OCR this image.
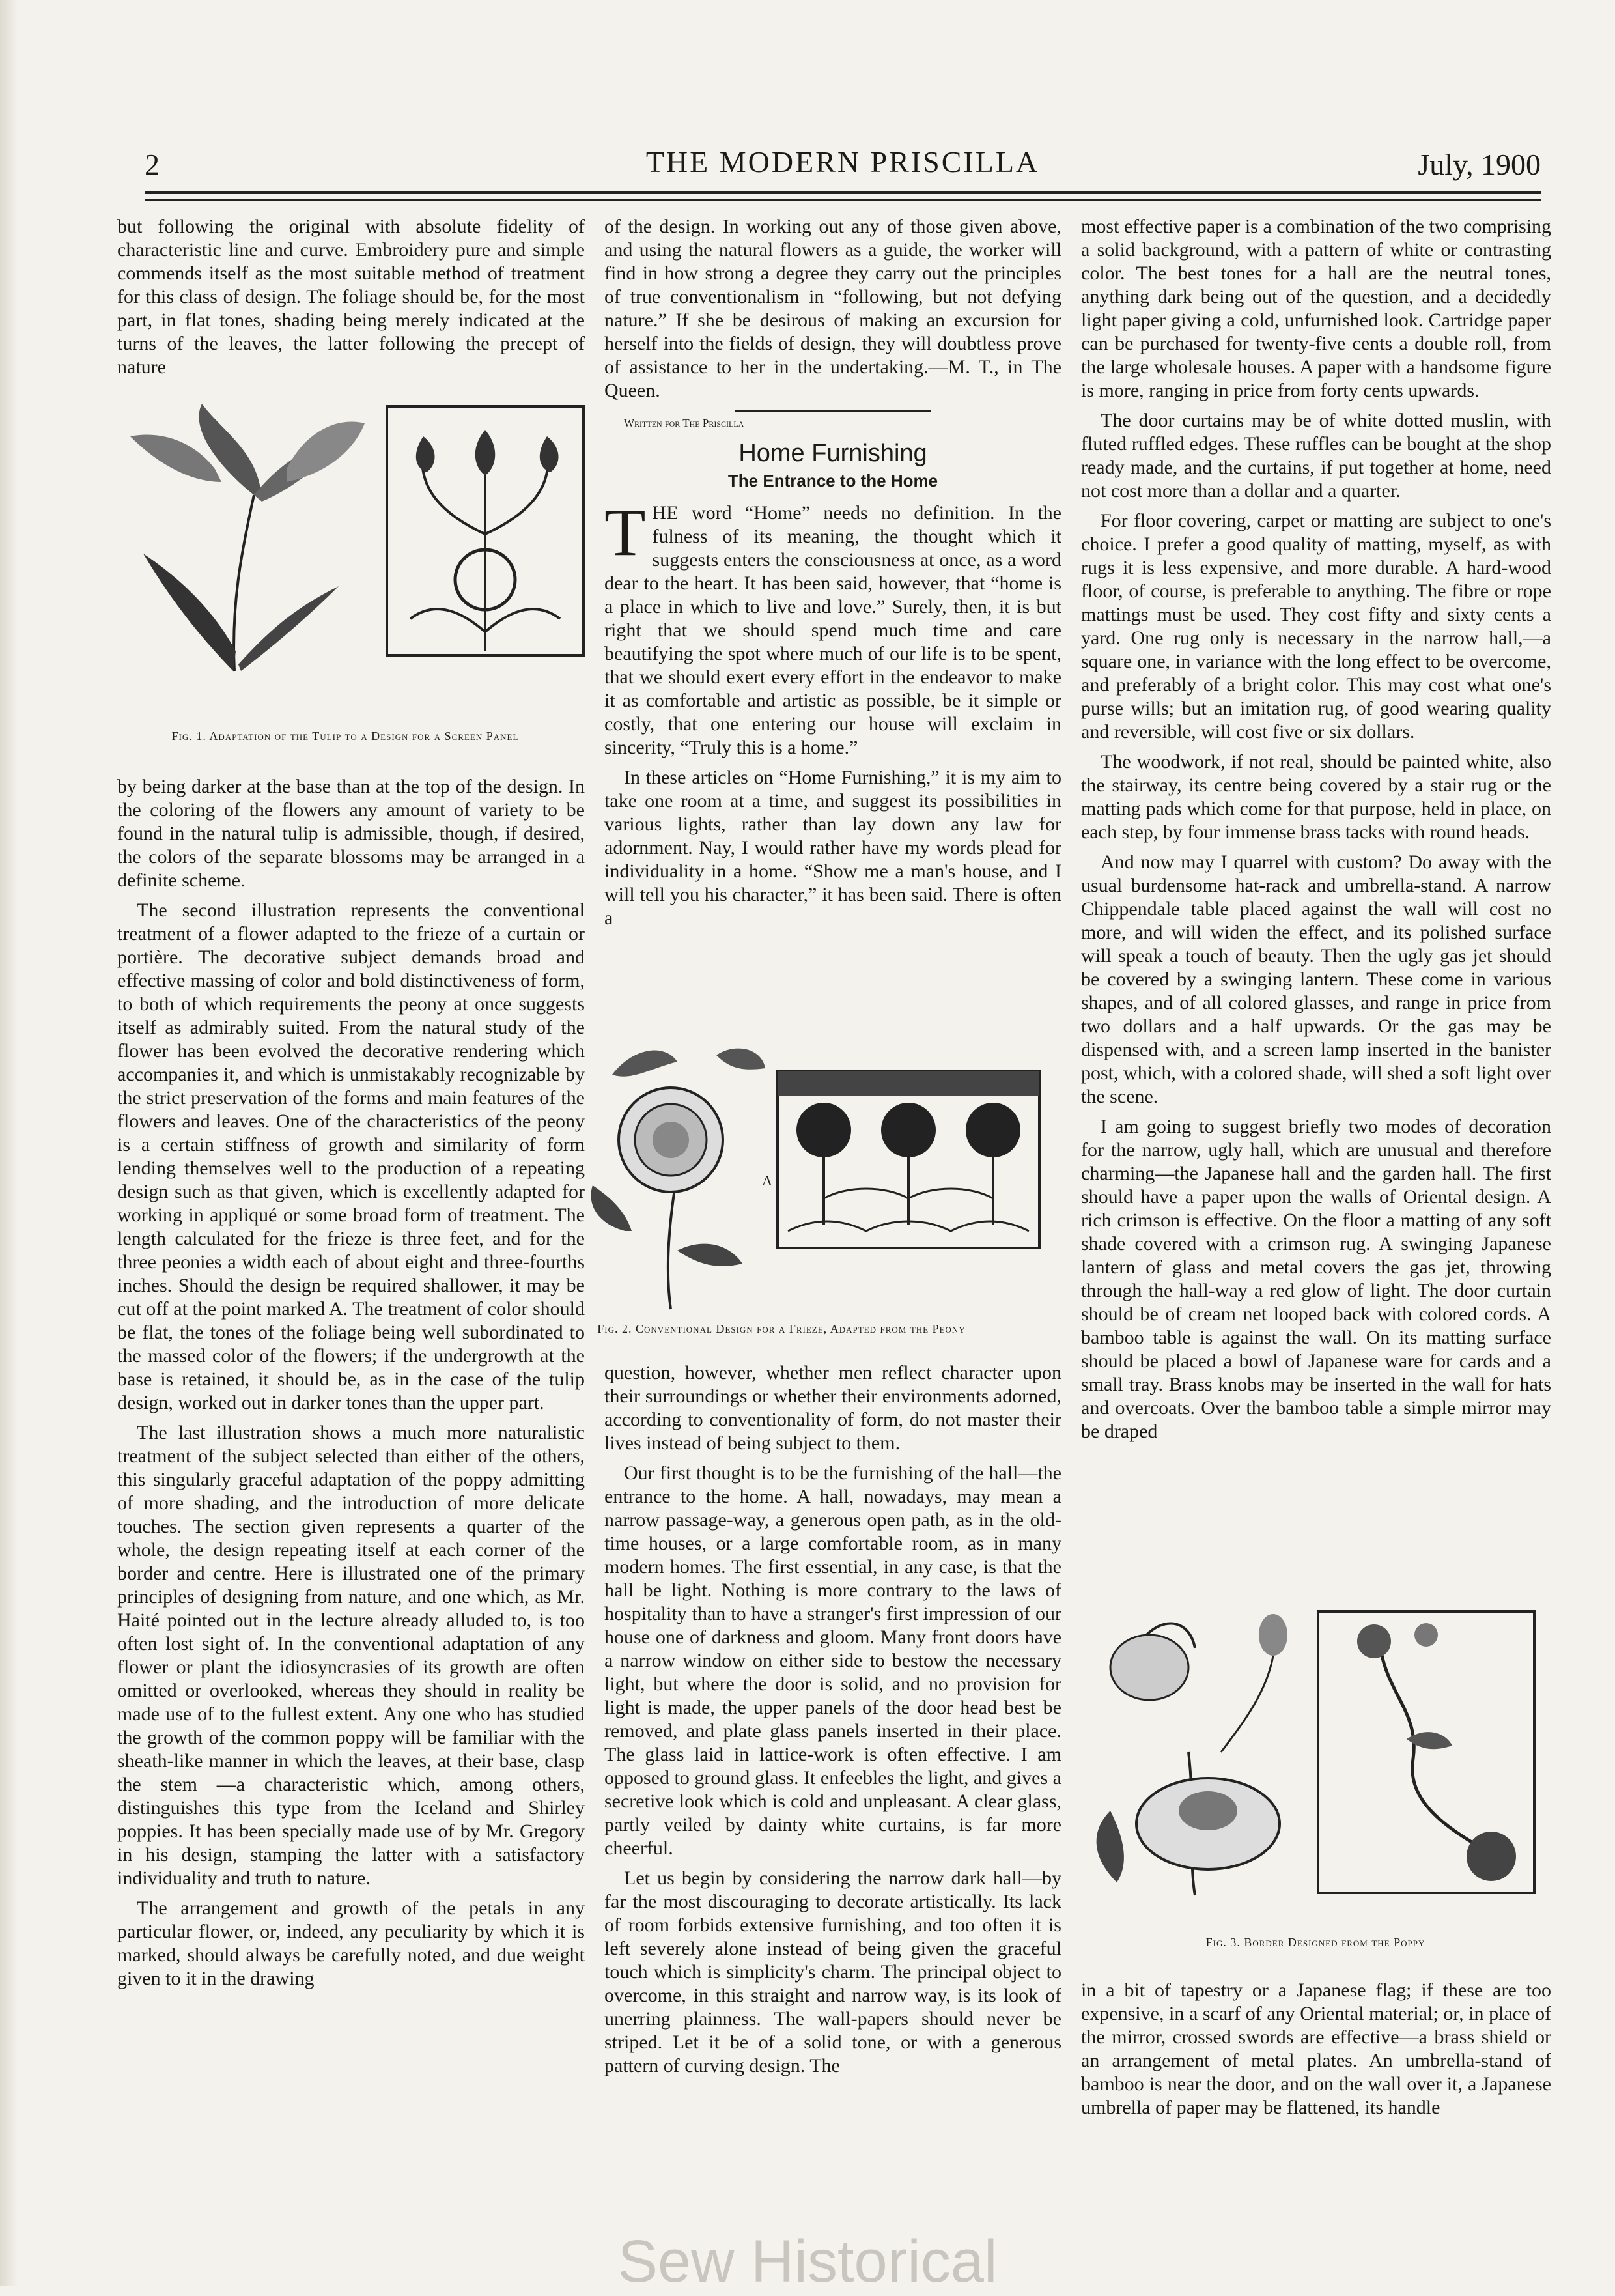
2	THE MODERN PRISCILLA	July, 1900

but following the original with absolute fidelity of characteristic line and curve. Embroidery pure and simple commends itself as the most suitable method of treatment for this class of design. The foliage should be, for the most part, in flat tones, shading being merely indicated at the turns of the leaves, the latter following the precept of nature

Fig. 1. Adaptation of the Tulip to a Design for a Screen Panel

by being darker at the base than at the top of the design. In the coloring of the flowers any amount of variety to be found in the natural tulip is admissible, though, if desired, the colors of the separate blossoms may be arranged in a definite scheme.

The second illustration represents the conventional treatment of a flower adapted to the frieze of a curtain or portière. The decorative subject demands broad and effective massing of color and bold distinctiveness of form, to both of which requirements the peony at once suggests itself as admirably suited. From the natural study of the flower has been evolved the decorative rendering which accompanies it, and which is unmistakably recognizable by the strict preservation of the forms and main features of the flowers and leaves. One of the characteristics of the peony is a certain stiffness of growth and similarity of form lending themselves well to the production of a repeating design such as that given, which is excellently adapted for working in appliqué or some broad form of treatment. The length calculated for the frieze is three feet, and for the three peonies a width each of about eight and three-fourths inches. Should the design be required shallower, it may be cut off at the point marked A. The treatment of color should be flat, the tones of the foliage being well subordinated to the massed color of the flowers; if the undergrowth at the base is retained, it should be, as in the case of the tulip design, worked out in darker tones than the upper part.

The last illustration shows a much more naturalistic treatment of the subject selected than either of the others, this singularly graceful adaptation of the poppy admitting of more shading, and the introduction of more delicate touches. The section given represents a quarter of the whole, the design repeating itself at each corner of the border and centre. Here is illustrated one of the primary principles of designing from nature, and one which, as Mr. Haité pointed out in the lecture already alluded to, is too often lost sight of. In the conventional adaptation of any flower or plant the idiosyncrasies of its growth are often omitted or overlooked, whereas they should in reality be made use of to the fullest extent. Any one who has studied the growth of the common poppy will be familiar with the sheath-like manner in which the leaves, at their base, clasp the stem —a characteristic which, among others, distinguishes this type from the Iceland and Shirley poppies. It has been specially made use of by Mr. Gregory in his design, stamping the latter with a satisfactory individuality and truth to nature.

The arrangement and growth of the petals in any particular flower, or, indeed, any peculiarity by which it is marked, should always be carefully noted, and due weight given to it in the drawing

of the design. In working out any of those given above, and using the natural flowers as a guide, the worker will find in how strong a degree they carry out the principles of true conventionalism in “following, but not defying nature.” If she be desirous of making an excursion for herself into the fields of design, they will doubtless prove of assistance to her in the undertaking.—M. T., in The Queen.

Written for The Priscilla

Home Furnishing
The Entrance to the Home

THE word “Home” needs no definition. In the fulness of its meaning, the thought which it suggests enters the consciousness at once, as a word dear to the heart. It has been said, however, that “home is a place in which to live and love.” Surely, then, it is but right that we should spend much time and care beautifying the spot where much of our life is to be spent, that we should exert every effort in the endeavor to make it as comfortable and artistic as possible, be it simple or costly, that one entering our house will exclaim in sincerity, “Truly this is a home.”

In these articles on “Home Furnishing,” it is my aim to take one room at a time, and suggest its possibilities in various lights, rather than lay down any law for adornment. Nay, I would rather have my words plead for individuality in a home. “Show me a man's house, and I will tell you his character,” it has been said. There is often a

A
Fig. 2. Conventional Design for a Frieze, Adapted from the Peony

question, however, whether men reflect character upon their surroundings or whether their environments adorned, according to conventionality of form, do not master their lives instead of being subject to them.

Our first thought is to be the furnishing of the hall—the entrance to the home. A hall, nowadays, may mean a narrow passage-way, a generous open path, as in the old-time houses, or a large comfortable room, as in many modern homes. The first essential, in any case, is that the hall be light. Nothing is more contrary to the laws of hospitality than to have a stranger's first impression of our house one of darkness and gloom. Many front doors have a narrow window on either side to bestow the necessary light, but where the door is solid, and no provision for light is made, the upper panels of the door head best be removed, and plate glass panels inserted in their place. The glass laid in lattice-work is often effective. I am opposed to ground glass. It enfeebles the light, and gives a secretive look which is cold and unpleasant. A clear glass, partly veiled by dainty white curtains, is far more cheerful.

Let us begin by considering the narrow dark hall—by far the most discouraging to decorate artistically. Its lack of room forbids extensive furnishing, and too often it is left severely alone instead of being given the graceful touch which is simplicity's charm. The principal object to overcome, in this straight and narrow way, is its look of unerring plainness. The wall-papers should never be striped. Let it be of a solid tone, or with a generous pattern of curving design. The

most effective paper is a combination of the two comprising a solid background, with a pattern of white or contrasting color. The best tones for a hall are the neutral tones, anything dark being out of the question, and a decidedly light paper giving a cold, unfurnished look. Cartridge paper can be purchased for twenty-five cents a double roll, from the large wholesale houses. A paper with a handsome figure is more, ranging in price from forty cents upwards.

The door curtains may be of white dotted muslin, with fluted ruffled edges. These ruffles can be bought at the shop ready made, and the curtains, if put together at home, need not cost more than a dollar and a quarter.

For floor covering, carpet or matting are subject to one's choice. I prefer a good quality of matting, myself, as with rugs it is less expensive, and more durable. A hard-wood floor, of course, is preferable to anything. The fibre or rope mattings must be used. They cost fifty and sixty cents a yard. One rug only is necessary in the narrow hall,—a square one, in variance with the long effect to be overcome, and preferably of a bright color. This may cost what one's purse wills; but an imitation rug, of good wearing quality and reversible, will cost five or six dollars.

The woodwork, if not real, should be painted white, also the stairway, its centre being covered by a stair rug or the matting pads which come for that purpose, held in place, on each step, by four immense brass tacks with round heads.

And now may I quarrel with custom? Do away with the usual burdensome hat-rack and umbrella-stand. A narrow Chippendale table placed against the wall will cost no more, and will widen the effect, and its polished surface will speak a touch of beauty. Then the ugly gas jet should be covered by a swinging lantern. These come in various shapes, and of all colored glasses, and range in price from two dollars and a half upwards. Or the gas may be dispensed with, and a screen lamp inserted in the banister post, which, with a colored shade, will shed a soft light over the scene.

I am going to suggest briefly two modes of decoration for the narrow, ugly hall, which are unusual and therefore charming—the Japanese hall and the garden hall. The first should have a paper upon the walls of Oriental design. A rich crimson is effective. On the floor a matting of any soft shade covered with a crimson rug. A swinging Japanese lantern of glass and metal covers the gas jet, throwing through the hall-way a red glow of light. The door curtain should be of cream net looped back with colored cords. A bamboo table is against the wall. On its matting surface should be placed a bowl of Japanese ware for cards and a small tray. Brass knobs may be inserted in the wall for hats and overcoats. Over the bamboo table a simple mirror may be draped

Fig. 3. Border Designed from the Poppy

in a bit of tapestry or a Japanese flag; if these are too expensive, in a scarf of any Oriental material; or, in place of the mirror, crossed swords are effective—a brass shield or an arrangement of metal plates. An umbrella-stand of bamboo is near the door, and on the wall over it, a Japanese umbrella of paper may be flattened, its handle

Sew Historical
